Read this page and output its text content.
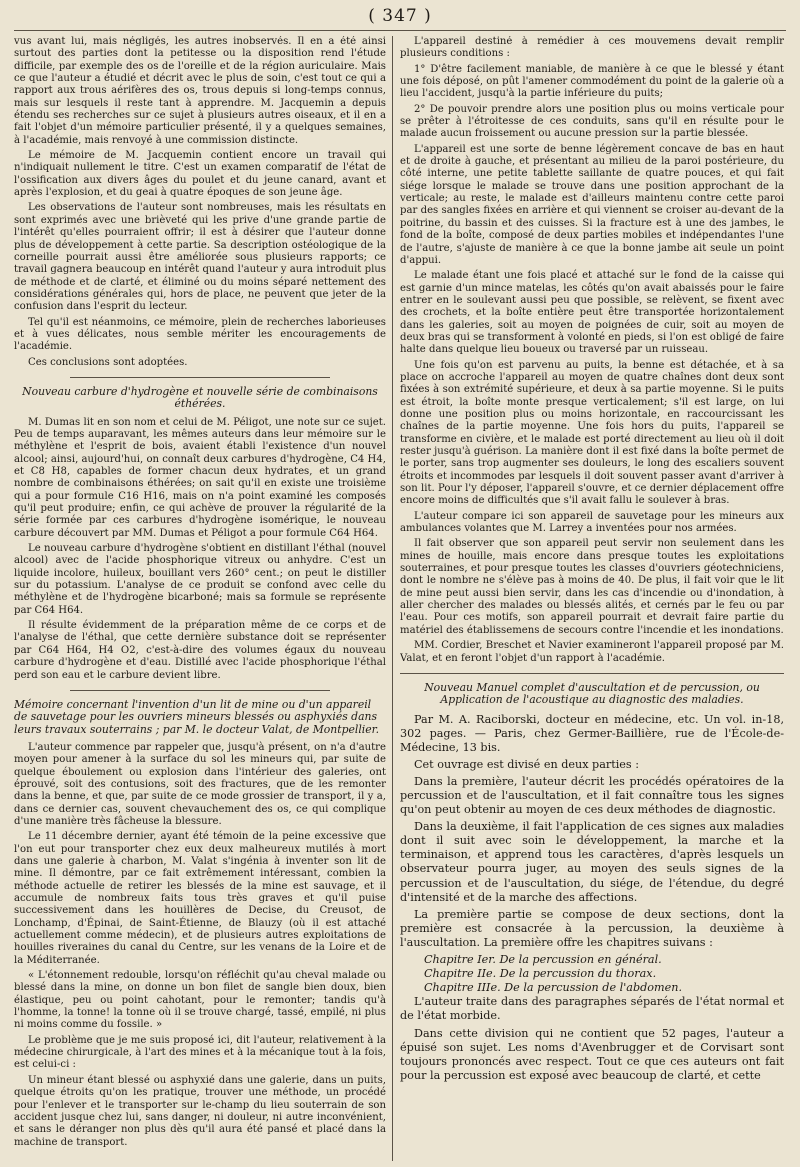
( 347 )

vus avant lui, mais négligés, les autres inobservés. Il en a été ainsi surtout des parties dont la petitesse ou la disposition rend l'étude difficile, par exemple des os de l'oreille et de la région auriculaire. Mais ce que l'auteur a étudié et décrit avec le plus de soin, c'est tout ce qui a rapport aux trous aérifères des os, trous depuis si long-temps connus, mais sur lesquels il reste tant à apprendre. M. Jacquemin a depuis étendu ses recherches sur ce sujet à plusieurs autres oiseaux, et il en a fait l'objet d'un mémoire particulier présenté, il y a quelques semaines, à l'académie, mais renvoyé à une commission distincte.

Le mémoire de M. Jacquemin contient encore un travail qui n'indiquait nullement le titre. C'est un examen comparatif de l'état de l'ossification aux divers âges du poulet et du jeune canard, avant et après l'explosion, et du geai à quatre époques de son jeune âge.

Les observations de l'auteur sont nombreuses, mais les résultats en sont exprimés avec une brièveté qui les prive d'une grande partie de l'intérêt qu'elles pourraient offrir; il est à désirer que l'auteur donne plus de développement à cette partie. Sa description ostéologique de la corneille pourrait aussi être améliorée sous plusieurs rapports; ce travail gagnera beaucoup en intérêt quand l'auteur y aura introduit plus de méthode et de clarté, et éliminé ou du moins séparé nettement des considérations générales qui, hors de place, ne peuvent que jeter de la confusion dans l'esprit du lecteur.

Tel qu'il est néanmoins, ce mémoire, plein de recherches laborieuses et à vues délicates, nous semble mériter les encouragements de l'académie.

Ces conclusions sont adoptées.

Nouveau carbure d'hydrogène et nouvelle série de combinaisons éthérées.

M. Dumas lit en son nom et celui de M. Péligot, une note sur ce sujet. Peu de temps auparavant, les mêmes auteurs dans leur mémoire sur le méthylène et l'esprit de bois, avaient établi l'existence d'un nouvel alcool; ainsi, aujourd'hui, on connaît deux carbures d'hydrogène, C4 H4, et C8 H8, capables de former chacun deux hydrates, et un grand nombre de combinaisons éthérées; on sait qu'il en existe une troisième qui a pour formule C16 H16, mais on n'a point examiné les composés qu'il peut produire; enfin, ce qui achève de prouver la régularité de la série formée par ces carbures d'hydrogène isomérique, le nouveau carbure découvert par MM. Dumas et Péligot a pour formule C64 H64.

Le nouveau carbure d'hydrogène s'obtient en distillant l'éthal (nouvel alcool) avec de l'acide phosphorique vitreux ou anhydre. C'est un liquide incolore, huileux, bouillant vers 260° cent.; on peut le distiller sur du potassium. L'analyse de ce produit se confond avec celle du méthylène et de l'hydrogène bicarboné; mais sa formule se représente par C64 H64.

Il résulte évidemment de la préparation même de ce corps et de l'analyse de l'éthal, que cette dernière substance doit se représenter par C64 H64, H4 O2, c'est-à-dire des volumes égaux du nouveau carbure d'hydrogène et d'eau. Distillé avec l'acide phosphorique l'éthal perd son eau et le carbure devient libre.

Mémoire concernant l'invention d'un lit de mine ou d'un appareil de sauvetage pour les ouvriers mineurs blessés ou asphyxiés dans leurs travaux souterrains ; par M. le docteur Valat, de Montpellier.

L'auteur commence par rappeler que, jusqu'à présent, on n'a d'autre moyen pour amener à la surface du sol les mineurs qui, par suite de quelque éboulement ou explosion dans l'intérieur des galeries, ont éprouvé, soit des contusions, soit des fractures, que de les remonter dans la benne, et que, par suite de ce mode grossier de transport, il y a, dans ce dernier cas, souvent chevauchement des os, ce qui complique d'une manière très fâcheuse la blessure.

Le 11 décembre dernier, ayant été témoin de la peine excessive que l'on eut pour transporter chez eux deux malheureux mutilés à mort dans une galerie à charbon, M. Valat s'ingénia à inventer son lit de mine. Il démontre, par ce fait extrêmement intéressant, combien la méthode actuelle de retirer les blessés de la mine est sauvage, et il accumule de nombreux faits tous très graves et qu'il puise successivement dans les houillères de Decise, du Creusot, de Lonchamp, d'Épinai, de Saint-Étienne, de Blauzy (où il est attaché actuellement comme médecin), et de plusieurs autres exploitations de houilles riveraines du canal du Centre, sur les venans de la Loire et de la Méditerranée.

« L'étonnement redouble, lorsqu'on réfléchit qu'au cheval malade ou blessé dans la mine, on donne un bon filet de sangle bien doux, bien élastique, peu ou point cahotant, pour le remonter; tandis qu'à l'homme, la tonne! la tonne où il se trouve chargé, tassé, empilé, ni plus ni moins comme du fossile. »

Le problème que je me suis proposé ici, dit l'auteur, relativement à la médecine chirurgicale, à l'art des mines et à la mécanique tout à la fois, est celui-ci :

Un mineur étant blessé ou asphyxié dans une galerie, dans un puits, quelque étroits qu'on les pratique, trouver une méthode, un procédé pour l'enlever et le transporter sur le-champ du lieu souterrain de son accident jusque chez lui, sans danger, ni douleur, ni autre inconvénient, et sans le déranger non plus dès qu'il aura été pansé et placé dans la machine de transport.

L'appareil destiné à remédier à ces mouvemens devait remplir plusieurs conditions :

1° D'être facilement maniable, de manière à ce que le blessé y étant une fois déposé, on pût l'amener commodément du point de la galerie où a lieu l'accident, jusqu'à la partie inférieure du puits;

2° De pouvoir prendre alors une position plus ou moins verticale pour se prêter à l'étroitesse de ces conduits, sans qu'il en résulte pour le malade aucun froissement ou aucune pression sur la partie blessée.

L'appareil est une sorte de benne légèrement concave de bas en haut et de droite à gauche, et présentant au milieu de la paroi postérieure, du côté interne, une petite tablette saillante de quatre pouces, et qui fait siége lorsque le malade se trouve dans une position approchant de la verticale; au reste, le malade est d'ailleurs maintenu contre cette paroi par des sangles fixées en arrière et qui viennent se croiser au-devant de la poitrine, du bassin et des cuisses. Si la fracture est à une des jambes, le fond de la boîte, composé de deux parties mobiles et indépendantes l'une de l'autre, s'ajuste de manière à ce que la bonne jambe ait seule un point d'appui.

Le malade étant une fois placé et attaché sur le fond de la caisse qui est garnie d'un mince matelas, les côtés qu'on avait abaissés pour le faire entrer en le soulevant aussi peu que possible, se relèvent, se fixent avec des crochets, et la boîte entière peut être transportée horizontalement dans les galeries, soit au moyen de poignées de cuir, soit au moyen de deux bras qui se transforment à volonté en pieds, si l'on est obligé de faire halte dans quelque lieu boueux ou traversé par un ruisseau.

Une fois qu'on est parvenu au puits, la benne est détachée, et à sa place on accroche l'appareil au moyen de quatre chaînes dont deux sont fixées à son extrémité supérieure, et deux à sa partie moyenne. Si le puits est étroit, la boîte monte presque verticalement; s'il est large, on lui donne une position plus ou moins horizontale, en raccourcissant les chaînes de la partie moyenne. Une fois hors du puits, l'appareil se transforme en civière, et le malade est porté directement au lieu où il doit rester jusqu'à guérison. La manière dont il est fixé dans la boîte permet de le porter, sans trop augmenter ses douleurs, le long des escaliers souvent étroits et incommodes par lesquels il doit souvent passer avant d'arriver à son lit. Pour l'y déposer, l'appareil s'ouvre, et ce dernier déplacement offre encore moins de difficultés que s'il avait fallu le soulever à bras.

L'auteur compare ici son appareil de sauvetage pour les mineurs aux ambulances volantes que M. Larrey a inventées pour nos armées.

Il fait observer que son appareil peut servir non seulement dans les mines de houille, mais encore dans presque toutes les exploitations souterraines, et pour presque toutes les classes d'ouvriers géotechniciens, dont le nombre ne s'élève pas à moins de 40. De plus, il fait voir que le lit de mine peut aussi bien servir, dans les cas d'incendie ou d'inondation, à aller chercher des malades ou blessés alités, et cernés par le feu ou par l'eau. Pour ces motifs, son appareil pourrait et devrait faire partie du matériel des établissemens de secours contre l'incendie et les inondations.

MM. Cordier, Breschet et Navier examineront l'appareil proposé par M. Valat, et en feront l'objet d'un rapport à l'académie.

Nouveau Manuel complet d'auscultation et de percussion, ou Application de l'acoustique au diagnostic des maladies.

Par M. A. Raciborski, docteur en médecine, etc. Un vol. in-18, 302 pages. — Paris, chez Germer-Baillière, rue de l'École-de-Médecine, 13 bis.

Cet ouvrage est divisé en deux parties :

Dans la première, l'auteur décrit les procédés opératoires de la percussion et de l'auscultation, et il fait connaître tous les signes qu'on peut obtenir au moyen de ces deux méthodes de diagnostic.

Dans la deuxième, il fait l'application de ces signes aux maladies dont il suit avec soin le développement, la marche et la terminaison, et apprend tous les caractères, d'après lesquels un observateur pourra juger, au moyen des seuls signes de la percussion et de l'auscultation, du siége, de l'étendue, du degré d'intensité et de la marche des affections.

La première partie se compose de deux sections, dont la première est consacrée à la percussion, la deuxième à l'auscultation. La première offre les chapitres suivans :

Chapitre Ier. De la percussion en général.
Chapitre IIe. De la percussion du thorax.
Chapitre IIIe. De la percussion de l'abdomen.

L'auteur traite dans des paragraphes séparés de l'état normal et de l'état morbide.

Dans cette division qui ne contient que 52 pages, l'auteur a épuisé son sujet. Les noms d'Avenbrugger et de Corvisart sont toujours prononcés avec respect. Tout ce que ces auteurs ont fait pour la percussion est exposé avec beaucoup de clarté, et cette
